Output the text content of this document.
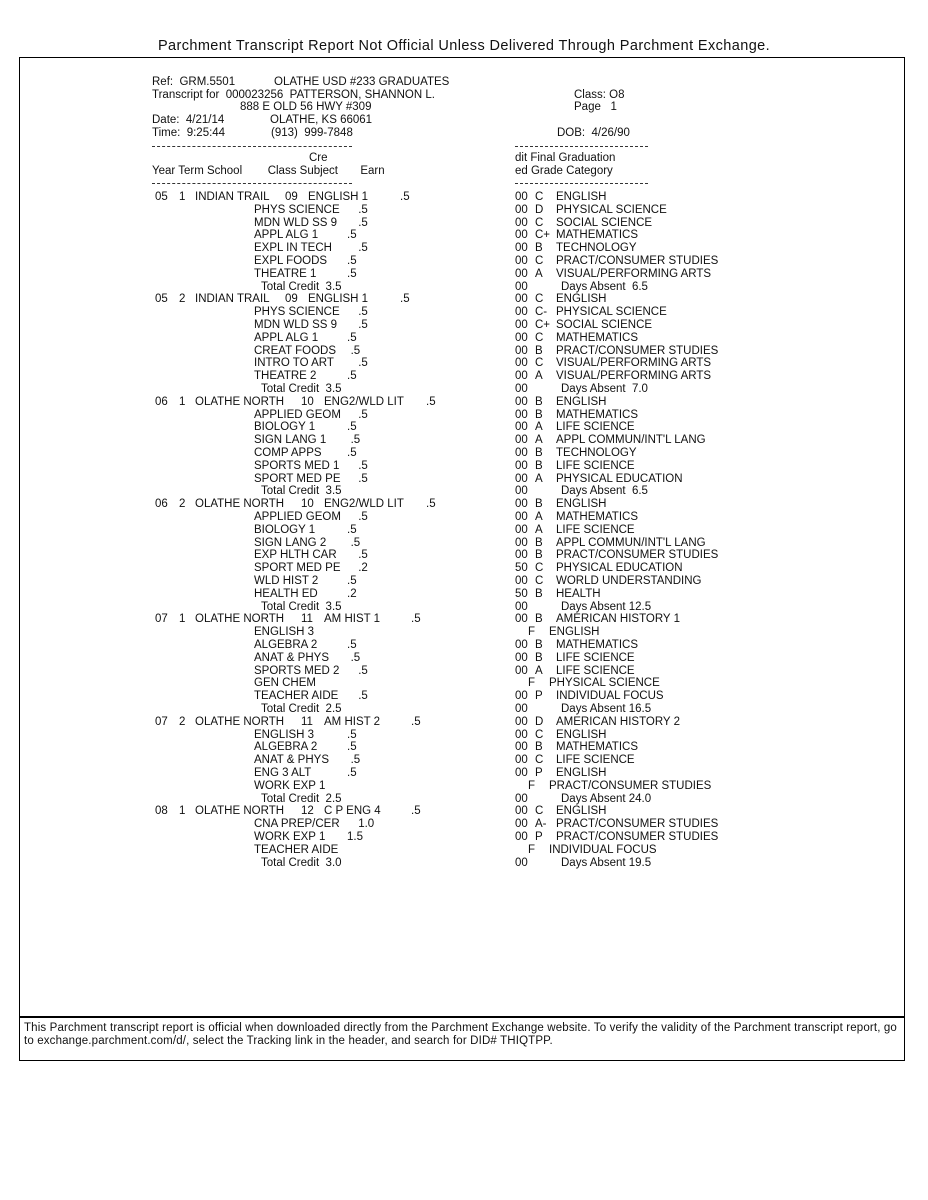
Parchment Transcript Report Not Official Unless Delivered Through Parchment Exchange.
Ref:  GRM.5501	OLATHE USD #233 GRADUATES
Transcript for  000023256  PATTERSON, SHANNON L.
888 E OLD 56 HWY #309
Date:  4/21/14	OLATHE, KS 66061
Time:  9:25:44	(913)  999-7848
Class: O8
Page   1
DOB:  4/26/90
Cre
Year Term School        Class Subject       Earn
dit Final Graduation
ed Grade Category
05 1 INDIAN TRAIL 09 ENGLISH 1	.5	00 C ENGLISH
PHYS SCIENCE .5	00 D PHYSICAL SCIENCE
MDN WLD SS 9 .5	00 C SOCIAL SCIENCE
APPL ALG 1	.5	00 C+ MATHEMATICS
EXPL IN TECH .5	00 B TECHNOLOGY
EXPL FOODS .5	00 C PRACT/CONSUMER STUDIES
THEATRE 1	.5	00 A VISUAL/PERFORMING ARTS
Total Credit  3.5	00	Days Absent  6.5
05 2 INDIAN TRAIL 09 ENGLISH 1	.5	00 C ENGLISH
PHYS SCIENCE .5	00 C- PHYSICAL SCIENCE
MDN WLD SS 9 .5	00 C+ SOCIAL SCIENCE
APPL ALG 1	.5	00 C MATHEMATICS
CREAT FOODS .5	00 B PRACT/CONSUMER STUDIES
INTRO TO ART .5	00 C VISUAL/PERFORMING ARTS
THEATRE 2	.5	00 A VISUAL/PERFORMING ARTS
Total Credit  3.5	00	Days Absent  7.0
06 1 OLATHE NORTH 10 ENG2/WLD LIT .5	00 B ENGLISH
APPLIED GEOM .5	00 B MATHEMATICS
BIOLOGY 1	.5	00 A LIFE SCIENCE
SIGN LANG 1 .5	00 A APPL COMMUN/INT'L LANG
COMP APPS .5	00 B TECHNOLOGY
SPORTS MED 1 .5	00 B LIFE SCIENCE
SPORT MED PE .5	00 A PHYSICAL EDUCATION
Total Credit  3.5	00	Days Absent  6.5
06 2 OLATHE NORTH 10 ENG2/WLD LIT .5	00 B ENGLISH
APPLIED GEOM .5	00 A MATHEMATICS
BIOLOGY 1	.5	00 A LIFE SCIENCE
SIGN LANG 2 .5	00 B APPL COMMUN/INT'L LANG
EXP HLTH CAR .5	00 B PRACT/CONSUMER STUDIES
SPORT MED PE .2	50 C PHYSICAL EDUCATION
WLD HIST 2 .5	00 C WORLD UNDERSTANDING
HEALTH ED	.2	50 B HEALTH
Total Credit  3.5	00	Days Absent 12.5
07 1 OLATHE NORTH 11 AM HIST 1	.5	00 B AMERICAN HISTORY 1
ENGLISH 3	F ENGLISH
ALGEBRA 2	.5	00 B MATHEMATICS
ANAT & PHYS .5	00 B LIFE SCIENCE
SPORTS MED 2 .5	00 A LIFE SCIENCE
GEN CHEM	F PHYSICAL SCIENCE
TEACHER AIDE .5	00 P INDIVIDUAL FOCUS
Total Credit  2.5	00	Days Absent 16.5
07 2 OLATHE NORTH 11 AM HIST 2	.5	00 D AMERICAN HISTORY 2
ENGLISH 3	.5	00 C ENGLISH
ALGEBRA 2	.5	00 B MATHEMATICS
ANAT & PHYS .5	00 C LIFE SCIENCE
ENG 3 ALT	.5	00 P ENGLISH
WORK EXP 1	F PRACT/CONSUMER STUDIES
Total Credit  2.5	00	Days Absent 24.0
08 1 OLATHE NORTH 12 C P ENG 4	.5	00 C ENGLISH
CNA PREP/CER 1.0	00 A- PRACT/CONSUMER STUDIES
WORK EXP 1 1.5	00 P PRACT/CONSUMER STUDIES
TEACHER AIDE	F INDIVIDUAL FOCUS
Total Credit  3.0	00	Days Absent 19.5
This Parchment transcript report is official when downloaded directly from the Parchment Exchange website. To verify the validity of the Parchment transcript report, go to exchange.parchment.com/d/, select the Tracking link in the header, and search for DID# THIQTPP.
